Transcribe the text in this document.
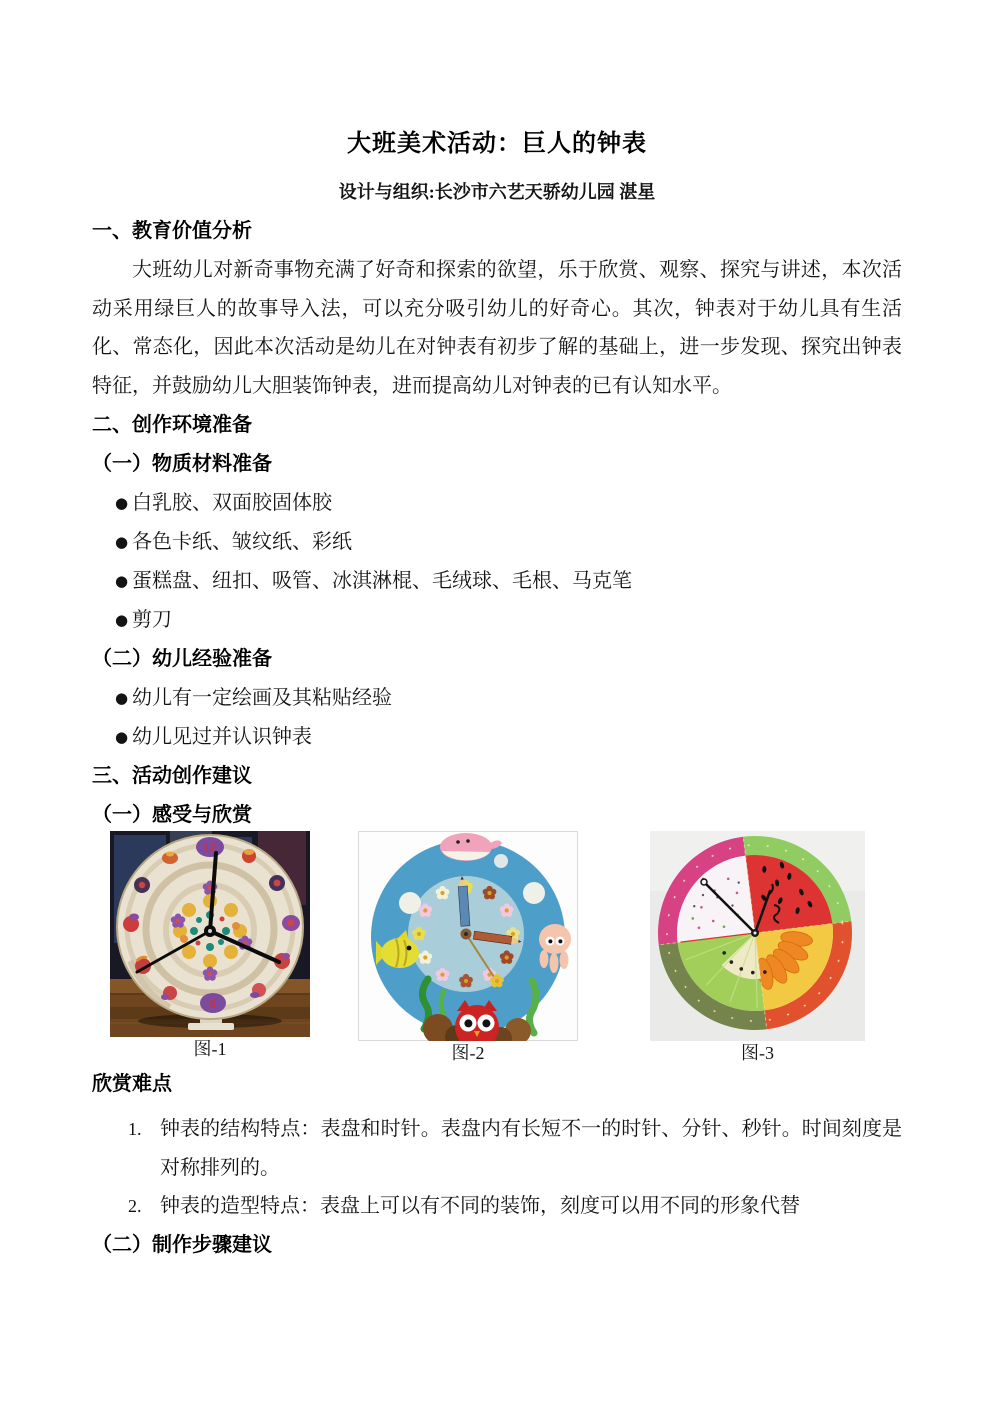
大班美术活动：巨人的钟表
设计与组织:长沙市六艺天骄幼儿园 湛星
一、教育价值分析

大班幼儿对新奇事物充满了好奇和探索的欲望，乐于欣赏、观察、探究与讲述，本次活动采用绿巨人的故事导入法，可以充分吸引幼儿的好奇心。其次，钟表对于幼儿具有生活化、常态化，因此本次活动是幼儿在对钟表有初步了解的基础上，进一步发现、探究出钟表特征，并鼓励幼儿大胆装饰钟表，进而提高幼儿对钟表的已有认知水平。

二、创作环境准备
（一）物质材料准备
● 白乳胶、双面胶固体胶
● 各色卡纸、皱纹纸、彩纸
● 蛋糕盘、纽扣、吸管、冰淇淋棍、毛绒球、毛根、马克笔
● 剪刀
（二）幼儿经验准备
● 幼儿有一定绘画及其粘贴经验
● 幼儿见过并认识钟表
三、活动创作建议
（一）感受与欣赏
12
6
图-1	图-2	图-3
欣赏难点
1. 钟表的结构特点：表盘和时针。表盘内有长短不一的时针、分针、秒针。时间刻度是对称排列的。
2. 钟表的造型特点：表盘上可以有不同的装饰，刻度可以用不同的形象代替
（二）制作步骤建议
